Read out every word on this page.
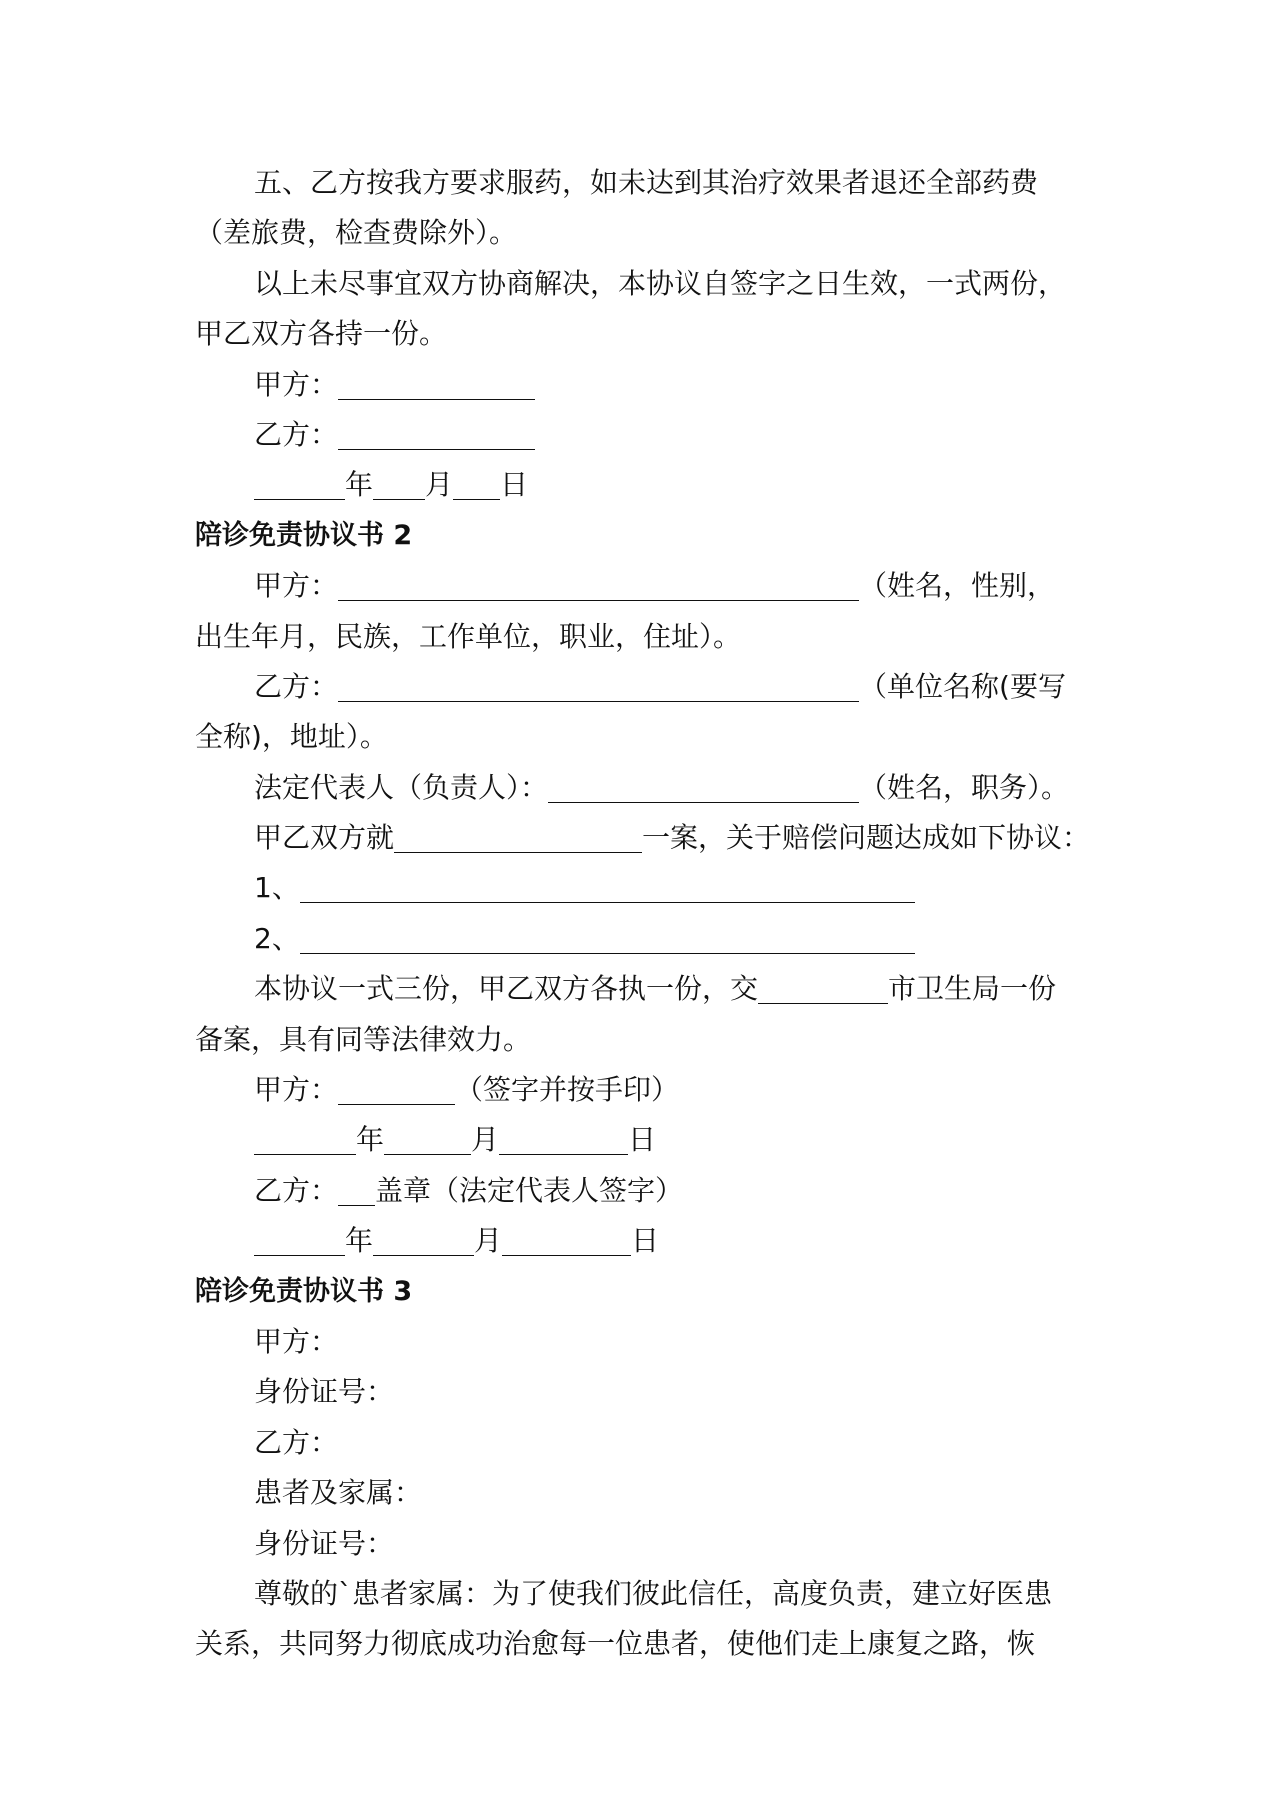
五、乙方按我方要求服药，如未达到其治疗效果者退还全部药费
（差旅费，检查费除外）。
以上未尽事宜双方协商解决，本协议自签字之日生效，一式两份，
甲乙双方各持一份。
甲方：
乙方：
年 月 日
陪诊免责协议书 2
甲方：	（姓名，性别，
出生年月，民族，工作单位，职业，住址）。
乙方：	（单位名称(要写
全称)，地址）。
法定代表人（负责人）：	（姓名，职务）。
甲乙双方就	一案，关于赔偿问题达成如下协议：
1、
2、
本协议一式三份，甲乙双方各执一份，交	市卫生局一份
备案，具有同等法律效力。
甲方：	（签字并按手印）
年	月	日
乙方： 盖章（法定代表人签字）
年	月	日
陪诊免责协议书 3
甲方：
身份证号：
乙方：
患者及家属：
身份证号：
尊敬的`患者家属：为了使我们彼此信任，高度负责，建立好医患
关系，共同努力彻底成功治愈每一位患者，使他们走上康复之路，恢
